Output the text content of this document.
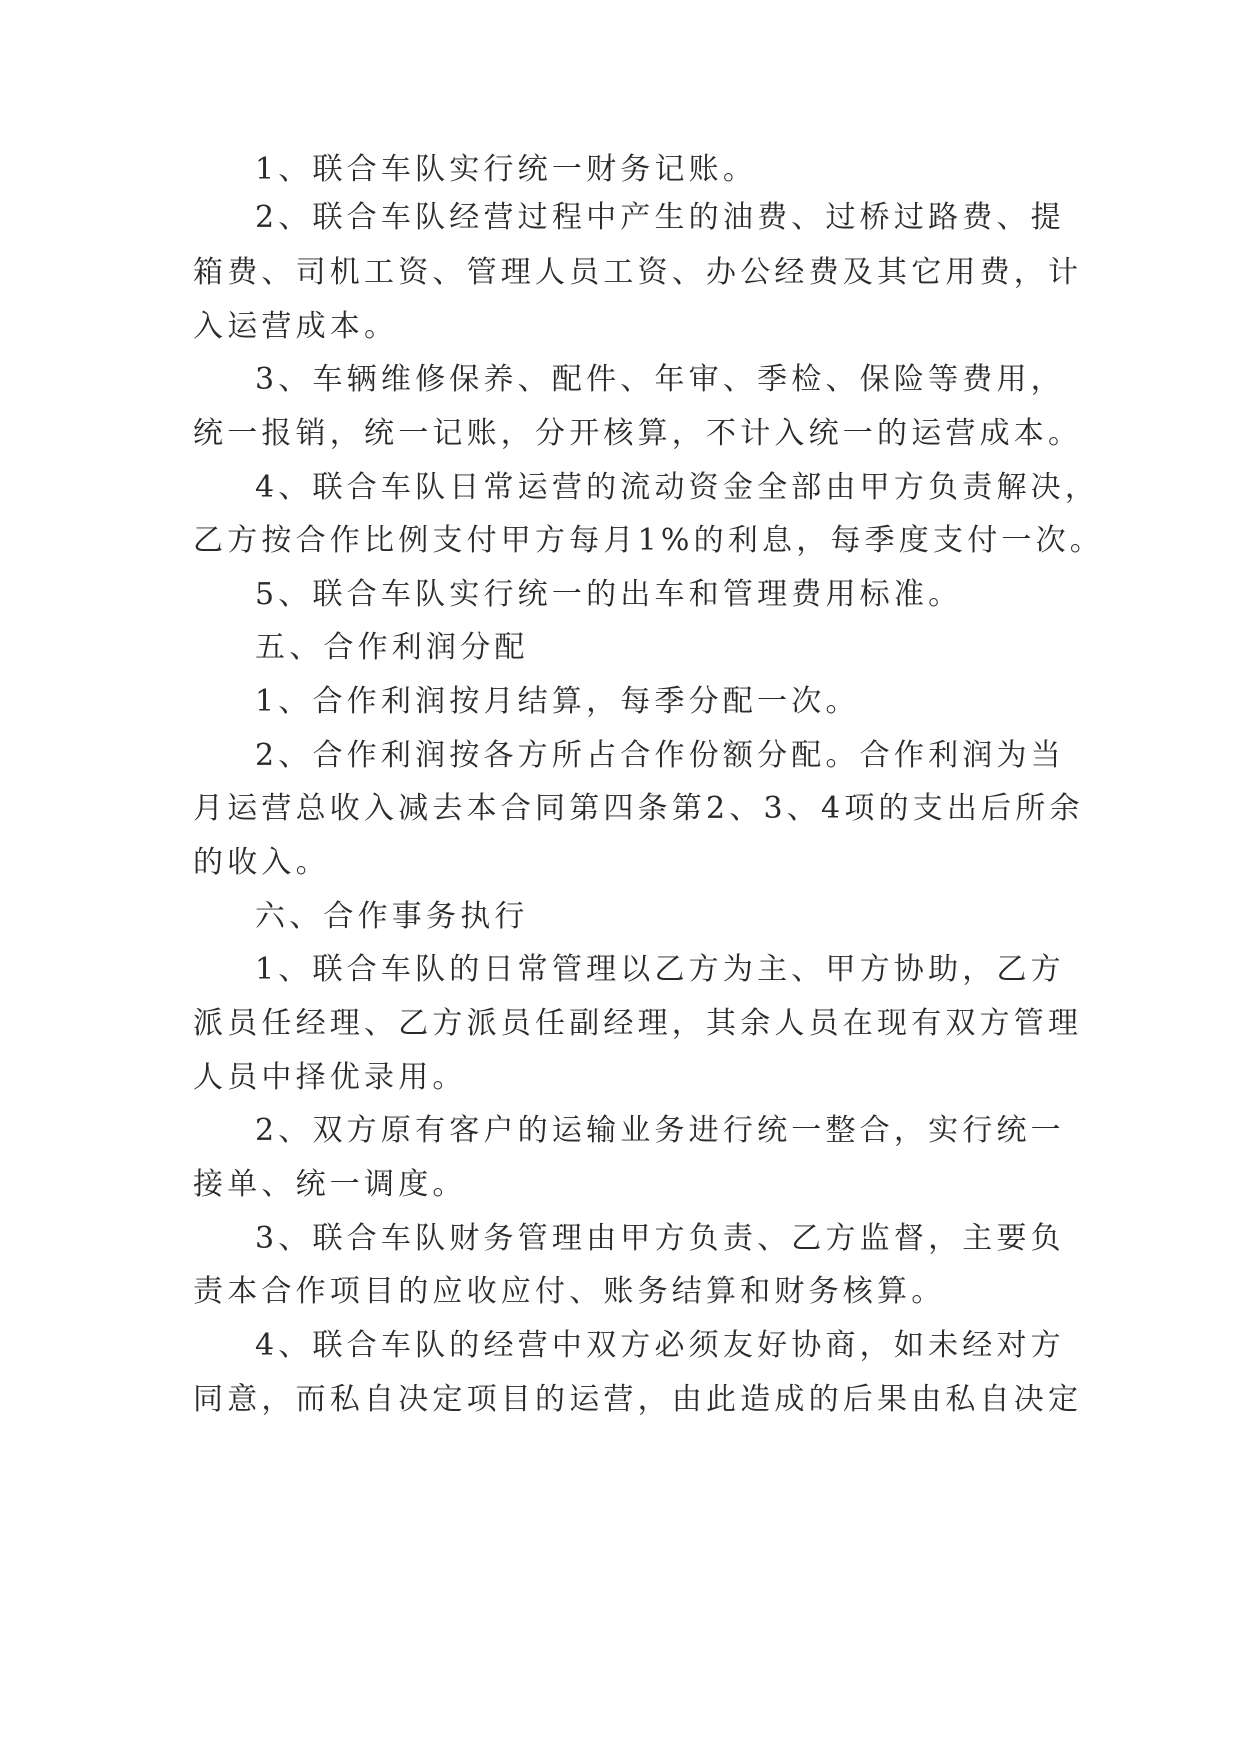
1、联合车队实行统一财务记账。
2、联合车队经营过程中产生的油费、过桥过路费、提
箱费、司机工资、管理人员工资、办公经费及其它用费，计
入运营成本。
3、车辆维修保养、配件、年审、季检、保险等费用，
统一报销，统一记账，分开核算，不计入统一的运营成本。
4、联合车队日常运营的流动资金全部由甲方负责解决，
乙方按合作比例支付甲方每月1%的利息，每季度支付一次。
5、联合车队实行统一的出车和管理费用标准。
五、合作利润分配
1、合作利润按月结算，每季分配一次。
2、合作利润按各方所占合作份额分配。合作利润为当
月运营总收入减去本合同第四条第2、3、4项的支出后所余
的收入。
六、合作事务执行
1、联合车队的日常管理以乙方为主、甲方协助，乙方
派员任经理、乙方派员任副经理，其余人员在现有双方管理
人员中择优录用。
2、双方原有客户的运输业务进行统一整合，实行统一
接单、统一调度。
3、联合车队财务管理由甲方负责、乙方监督，主要负
责本合作项目的应收应付、账务结算和财务核算。
4、联合车队的经营中双方必须友好协商，如未经对方
同意，而私自决定项目的运营，由此造成的后果由私自决定
